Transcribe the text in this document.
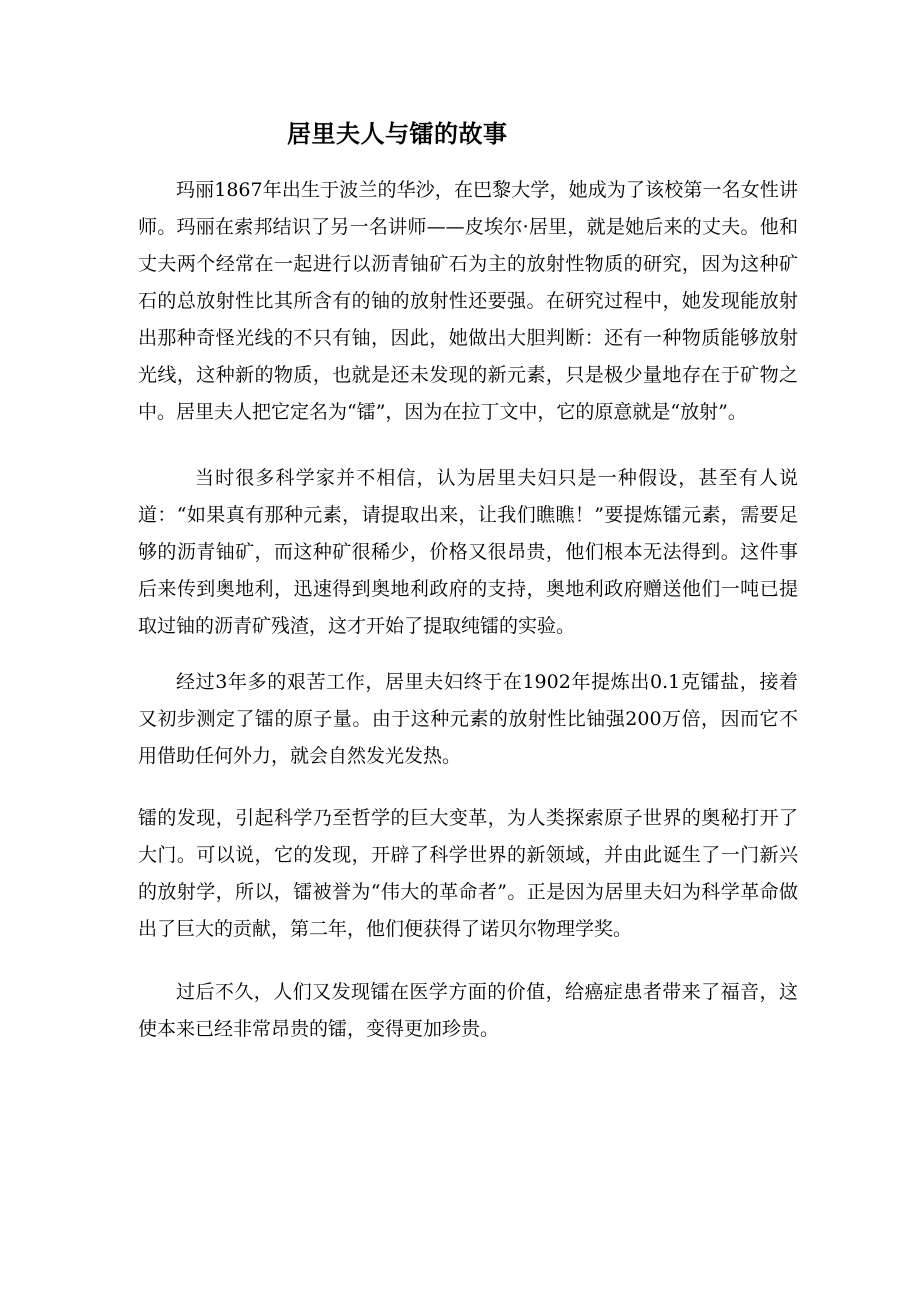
居里夫人与镭的故事

玛丽1867年出生于波兰的华沙，在巴黎大学，她成为了该校第一名女性讲师。玛丽在索邦结识了另一名讲师——皮埃尔·居里，就是她后来的丈夫。他和丈夫两个经常在一起进行以沥青铀矿石为主的放射性物质的研究，因为这种矿石的总放射性比其所含有的铀的放射性还要强。在研究过程中，她发现能放射出那种奇怪光线的不只有铀，因此，她做出大胆判断：还有一种物质能够放射光线，这种新的物质，也就是还未发现的新元素，只是极少量地存在于矿物之中。居里夫人把它定名为“镭”，因为在拉丁文中，它的原意就是“放射”。

当时很多科学家并不相信，认为居里夫妇只是一种假设，甚至有人说道：“如果真有那种元素，请提取出来，让我们瞧瞧！”要提炼镭元素，需要足够的沥青铀矿，而这种矿很稀少，价格又很昂贵，他们根本无法得到。这件事后来传到奥地利，迅速得到奥地利政府的支持，奥地利政府赠送他们一吨已提取过铀的沥青矿残渣，这才开始了提取纯镭的实验。

经过3年多的艰苦工作，居里夫妇终于在1902年提炼出0.1克镭盐，接着又初步测定了镭的原子量。由于这种元素的放射性比铀强200万倍，因而它不用借助任何外力，就会自然发光发热。

镭的发现，引起科学乃至哲学的巨大变革，为人类探索原子世界的奥秘打开了大门。可以说，它的发现，开辟了科学世界的新领域，并由此诞生了一门新兴的放射学，所以，镭被誉为“伟大的革命者”。正是因为居里夫妇为科学革命做出了巨大的贡献，第二年，他们便获得了诺贝尔物理学奖。

过后不久，人们又发现镭在医学方面的价值，给癌症患者带来了福音，这使本来已经非常昂贵的镭，变得更加珍贵。
